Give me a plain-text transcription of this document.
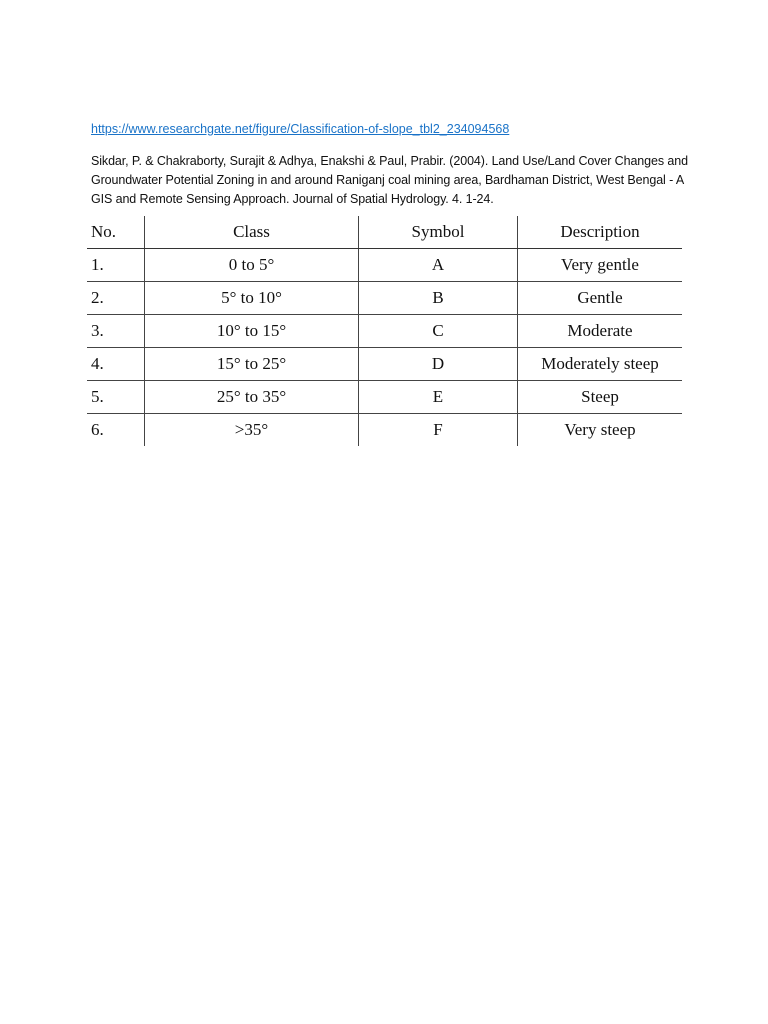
https://www.researchgate.net/figure/Classification-of-slope_tbl2_234094568
Sikdar, P. & Chakraborty, Surajit & Adhya, Enakshi & Paul, Prabir. (2004). Land Use/Land Cover Changes and Groundwater Potential Zoning in and around Raniganj coal mining area, Bardhaman District, West Bengal - A GIS and Remote Sensing Approach. Journal of Spatial Hydrology. 4. 1-24.
No.	Class	Symbol	Description
1.	0 to 5°	A	Very gentle
2.	5° to 10°	B	Gentle
3.	10° to 15°	C	Moderate
4.	15° to 25°	D	Moderately steep
5.	25° to 35°	E	Steep
6.	>35°	F	Very steep
